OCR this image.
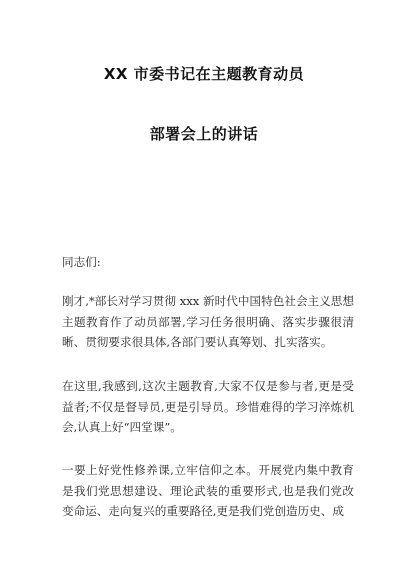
XX 市委书记在主题教育动员
部署会上的讲话

同志们:

刚才,*部长对学习贯彻 xxx 新时代中国特色社会主义思想主题教育作了动员部署,学习任务很明确、落实步骤很清晰、贯彻要求很具体,各部门要认真筹划、扎实落实。

在这里,我感到,这次主题教育,大家不仅是参与者,更是受益者;不仅是督导员,更是引导员。珍惜难得的学习淬炼机会,认真上好“四堂课”。

一要上好党性修养课,立牢信仰之本。开展党内集中教育是我们党思想建设、理论武装的重要形式,也是我们党改变命运、走向复兴的重要路径,更是我们党创造历史、成
